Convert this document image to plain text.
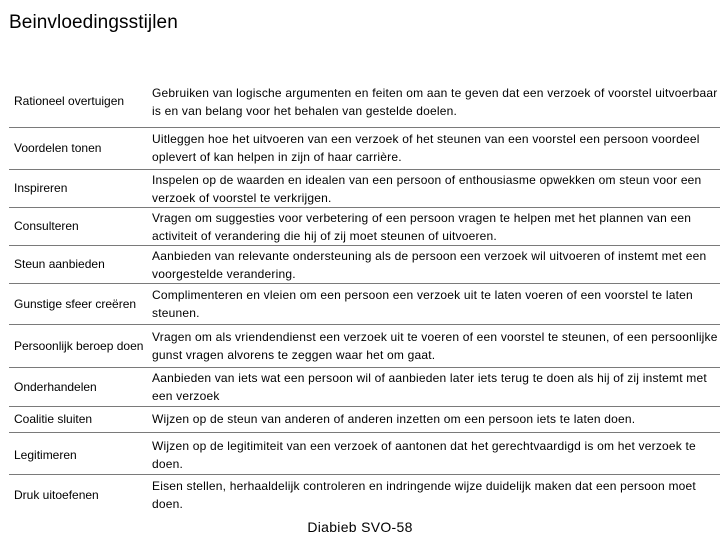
Beinvloedingsstijlen
Rationeel overtuigen
Gebruiken van logische argumenten en feiten om aan te geven dat een verzoek of voorstel uitvoerbaar is en van belang voor het behalen van gestelde doelen.
Voordelen tonen
Uitleggen hoe het uitvoeren van een verzoek of het steunen van een voorstel een persoon voordeel oplevert of kan helpen in zijn of haar carrière.
Inspireren
Inspelen op de waarden en idealen van een persoon of enthousiasme opwekken om steun voor een verzoek of voorstel te verkrijgen.
Consulteren
Vragen om suggesties voor verbetering of een persoon vragen te helpen met het plannen van een activiteit of verandering die hij of zij moet steunen of uitvoeren.
Steun aanbieden
Aanbieden van relevante ondersteuning als de persoon een verzoek wil uitvoeren of instemt met een voorgestelde verandering.
Gunstige sfeer creëren
Complimenteren en vleien om een persoon een verzoek uit te laten voeren of een voorstel te laten steunen.
Persoonlijk beroep doen
Vragen om als vriendendienst een verzoek uit te voeren of een voorstel te steunen, of een persoonlijke gunst vragen alvorens te zeggen waar het om gaat.
Onderhandelen
Aanbieden van iets wat een persoon wil of aanbieden later iets terug te doen als hij of zij instemt met een verzoek
Coalitie sluiten	Wijzen op de steun van anderen of anderen inzetten om een persoon iets te laten doen.
Legitimeren
Wijzen op de legitimiteit van een verzoek of aantonen dat het gerechtvaardigd is om het verzoek te doen.
Druk uitoefenen
Eisen stellen, herhaaldelijk controleren en indringende wijze duidelijk maken dat een persoon moet doen.
Diabieb SVO-58
